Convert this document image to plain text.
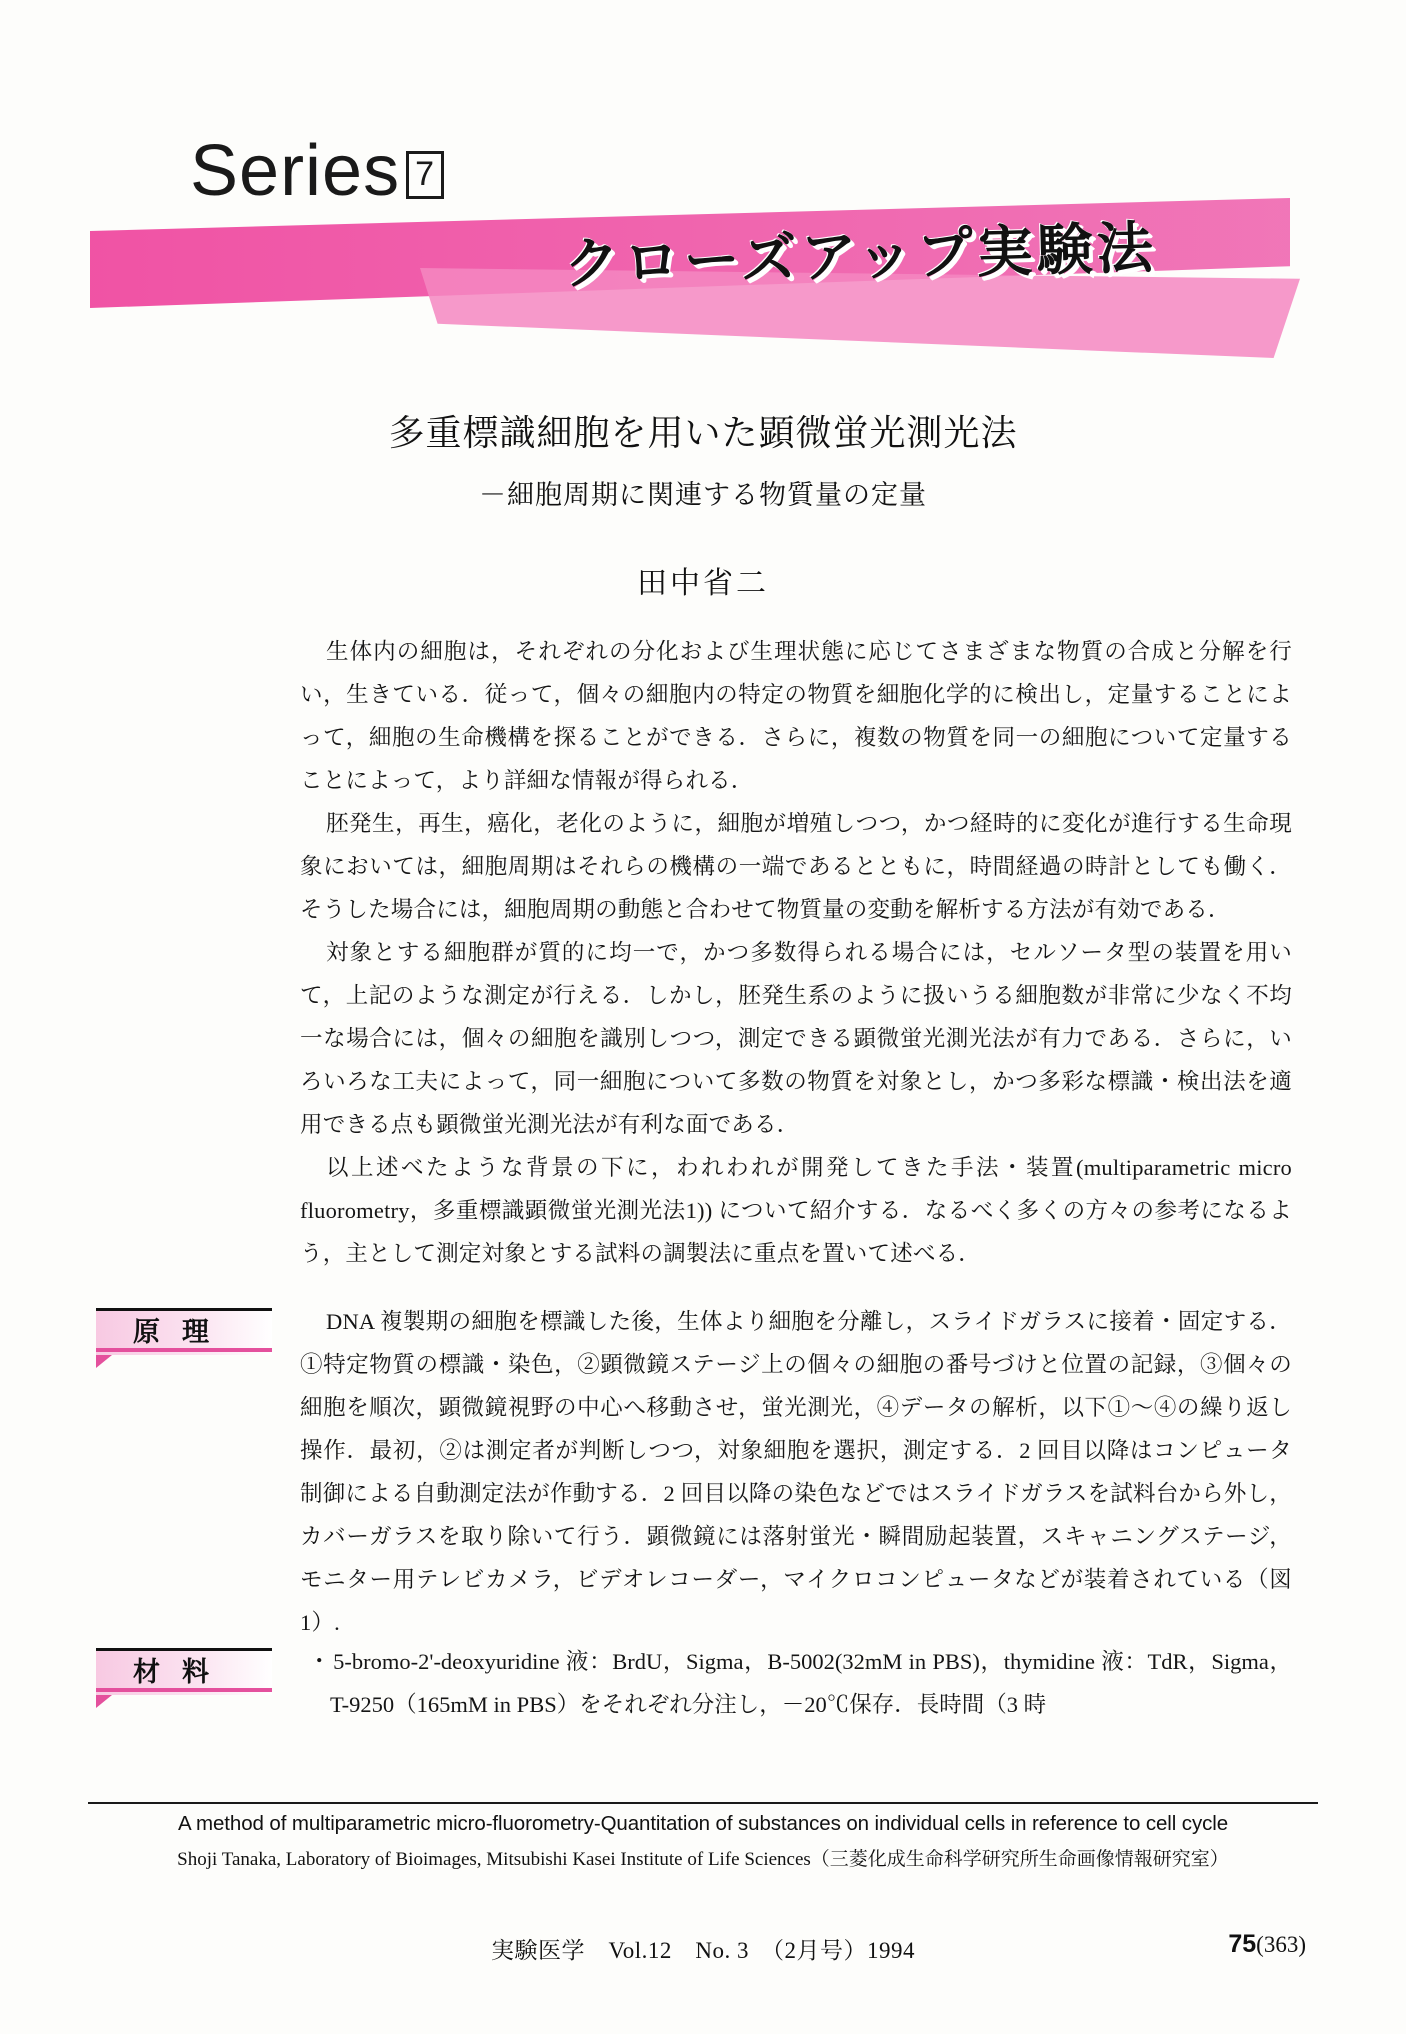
Series 7
クローズアップ実験法
多重標識細胞を用いた顕微蛍光測光法
－細胞周期に関連する物質量の定量
田中省二

生体内の細胞は，それぞれの分化および生理状態に応じてさまざまな物質の合成と分解を行い，生きている．従って，個々の細胞内の特定の物質を細胞化学的に検出し，定量することによって，細胞の生命機構を探ることができる．さらに，複数の物質を同一の細胞について定量することによって，より詳細な情報が得られる．

胚発生，再生，癌化，老化のように，細胞が増殖しつつ，かつ経時的に変化が進行する生命現象においては，細胞周期はそれらの機構の一端であるとともに，時間経過の時計としても働く．そうした場合には，細胞周期の動態と合わせて物質量の変動を解析する方法が有効である．

対象とする細胞群が質的に均一で，かつ多数得られる場合には，セルソータ型の装置を用いて，上記のような測定が行える．しかし，胚発生系のように扱いうる細胞数が非常に少なく不均一な場合には，個々の細胞を識別しつつ，測定できる顕微蛍光測光法が有力である．さらに，いろいろな工夫によって，同一細胞について多数の物質を対象とし，かつ多彩な標識・検出法を適用できる点も顕微蛍光測光法が有利な面である．

以上述べたような背景の下に，われわれが開発してきた手法・装置(multiparametric micro fluorometry，多重標識顕微蛍光測光法1)) について紹介する．なるべく多くの方々の参考になるよう，主として測定対象とする試料の調製法に重点を置いて述べる．

原理	DNA 複製期の細胞を標識した後，生体より細胞を分離し，スライドガラスに接着・固定する．①特定物質の標識・染色，②顕微鏡ステージ上の個々の細胞の番号づけと位置の記録，③個々の細胞を順次，顕微鏡視野の中心へ移動させ，蛍光測光，④データの解析，以下①～④の繰り返し操作．最初，②は測定者が判断しつつ，対象細胞を選択，測定する．2 回目以降はコンピュータ制御による自動測定法が作動する．2 回目以降の染色などではスライドガラスを試料台から外し，カバーガラスを取り除いて行う．顕微鏡には落射蛍光・瞬間励起装置，スキャニングステージ，モニター用テレビカメラ，ビデオレコーダー，マイクロコンピュータなどが装着されている（図1）.

材料	・5-bromo-2'-deoxyuridine 液：BrdU，Sigma，B-5002(32mM in PBS)，thymidine 液：TdR，Sigma，T-9250（165mM in PBS）をそれぞれ分注し，－20℃保存．長時間（3 時

A method of multiparametric micro-fluorometry-Quantitation of substances on individual cells in reference to cell cycle
Shoji Tanaka, Laboratory of Bioimages, Mitsubishi Kasei Institute of Life Sciences（三菱化成生命科学研究所生命画像情報研究室）
実験医学　Vol.12　No. 3　（2月号）1994	75(363)
